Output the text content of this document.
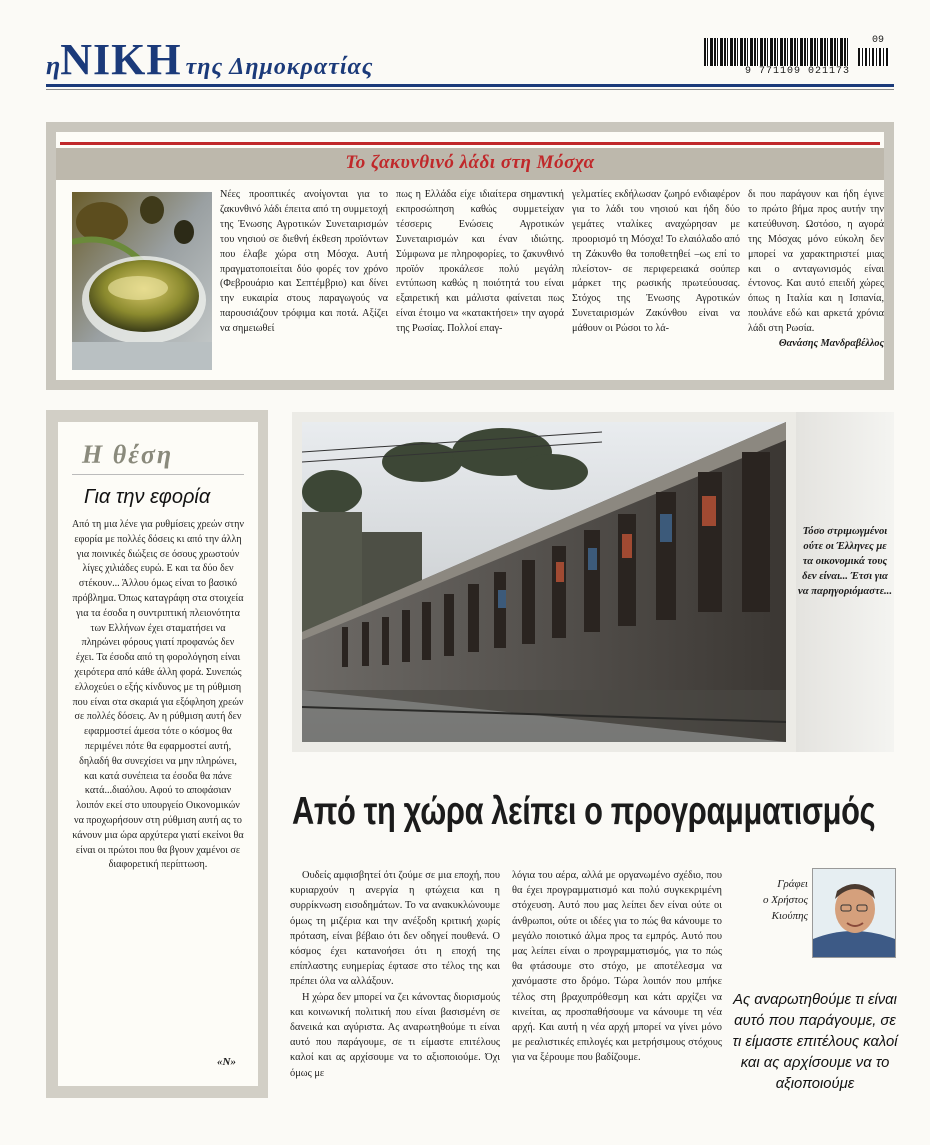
ηΝΙΚΗ της Δημοκρατίας	9 771109 021173
09
Το ζακυνθινό λάδι στη Μόσχα

Νέες προοπτικές ανοίγονται για το ζακυνθινό λάδι έπειτα από τη συμμετοχή της Ένωσης Αγροτικών Συνεταιρισμών του νησιού σε διεθνή έκθεση προϊόντων που έλαβε χώρα στη Μόσχα. Αυτή πραγματοποιείται δύο φορές τον χρόνο (Φεβρουάριο και Σεπτέμβριο) και δίνει την ευκαιρία στους παραγωγούς να παρουσιάζουν τρόφιμα και ποτά. Αξίζει να σημειωθεί

πως η Ελλάδα είχε ιδιαίτερα σημαντική εκπροσώπηση καθώς συμμετείχαν τέσσερις Ενώσεις Αγροτικών Συνεταιρισμών και έναν ιδιώτης. Σύμφωνα με πληροφορίες, το ζακυνθινό προϊόν προκάλεσε πολύ μεγάλη εντύπωση καθώς η ποιότητά του είναι εξαιρετική και μάλιστα φαίνεται πως είναι έτοιμο να «κατακτήσει» την αγορά της Ρωσίας. Πολλοί επαγ-

γελματίες εκδήλωσαν ζωηρό ενδιαφέρον για το λάδι του νησιού και ήδη δύο γεμάτες νταλίκες αναχώρησαν με προορισμό τη Μόσχα! Το ελαιόλαδο από τη Ζάκυνθο θα τοποθετηθεί –ως επί το πλείστον- σε περιφερειακά σούπερ μάρκετ της ρωσικής πρωτεύουσας. Στόχος της Ένωσης Αγροτικών Συνεταιρισμών Ζακύνθου είναι να μάθουν οι Ρώσοι το λά-

δι που παράγουν και ήδη έγινε το πρώτο βήμα προς αυτήν την κατεύθυνση. Ωστόσο, η αγορά της Μόσχας μόνο εύκολη δεν μπορεί να χαρακτηριστεί μιας και ο ανταγωνισμός είναι έντονος. Και αυτό επειδή χώρες όπως η Ιταλία και η Ισπανία, πουλάνε εδώ και αρκετά χρόνια λάδι στη Ρωσία.

Θανάσης Μανδραβέλλος

Η θέση
Για την εφορία
Από τη μια λένε για ρυθμίσεις χρεών στην εφορία με πολλές δόσεις κι από την άλλη για ποινικές διώξεις σε όσους χρωστούν λίγες χιλιάδες ευρώ. Ε και τα δύο δεν στέκουν... Άλλου όμως είναι το βασικό πρόβλημα. Όπως καταγράφη στα στοιχεία για τα έσοδα η συντριπτική πλειονότητα των Ελλήνων έχει σταματήσει να πληρώνει φόρους γιατί προφανώς δεν έχει. Τα έσοδα από τη φορολόγηση είναι χειρότερα από κάθε άλλη φορά. Συνεπώς ελλοχεύει ο εξής κίνδυνος με τη ρύθμιση που είναι στα σκαριά για εξόφληση χρεών σε πολλές δόσεις. Αν η ρύθμιση αυτή δεν εφαρμοστεί άμεσα τότε ο κόσμος θα περιμένει πότε θα εφαρμοστεί αυτή, δηλαδή θα συνεχίσει να μην πληρώνει, και κατά συνέπεια τα έσοδα θα πάνε κατά...διαόλου. Αφού το αποφάσιαν λοιπόν εκεί στο υπουργείο Οικονομικών να προχωρήσουν στη ρύθμιση αυτή ας το κάνουν μια ώρα αρχύτερα γιατί εκείνοι θα είναι οι πρώτοι που θα βγουν χαμένοι σε διαφορετική περίπτωση.
«Ν»
Τόσο στριμωγμένοι ούτε οι Έλληνες με τα οικονομικά τους δεν είναι... Έτσι για να παρηγοριόμαστε...
Από τη χώρα λείπει ο προγραμματισμός

Ουδείς αμφισβητεί ότι ζούμε σε μια εποχή, που κυριαρχούν η ανεργία η φτώχεια και η συρρίκνωση εισοδημάτων. Το να ανακυκλώνουμε όμως τη μιζέρια και την ανέξοδη κριτική χωρίς πρόταση, είναι βέβαιο ότι δεν οδηγεί πουθενά. Ο κόσμος έχει κατανοήσει ότι η εποχή της επίπλαστης ευημερίας έφτασε στο τέλος της και πρέπει όλα να αλλάξουν.

Η χώρα δεν μπορεί να ζει κάνοντας διορισμούς και κοινωνική πολιτική που είναι βασισμένη σε δανεικά και αγύριστα. Ας αναρωτηθούμε τι είναι αυτό που παράγουμε, σε τι είμαστε επιτέλους καλοί και ας αρχίσουμε να το αξιοποιούμε. Όχι όμως με

λόγια του αέρα, αλλά με οργανωμένο σχέδιο, που θα έχει προγραμματισμό και πολύ συγκεκριμένη στόχευση. Αυτό που μας λείπει δεν είναι ούτε οι άνθρωποι, ούτε οι ιδέες για το πώς θα κάνουμε το μεγάλο ποιοτικό άλμα προς τα εμπρός. Αυτό που μας λείπει είναι ο προγραμματισμός, για το πώς θα φτάσουμε στο στόχο, με αποτέλεσμα να χανόμαστε στο δρόμο. Τώρα λοιπόν που μπήκε τέλος στη βραχυπρόθεσμη και κάτι αρχίζει να κινείται, ας προσπαθήσουμε να κάνουμε τη νέα αρχή. Και αυτή η νέα αρχή μπορεί να γίνει μόνο με ρεαλιστικές επιλογές και μετρήσιμους στόχους για να ξέρουμε που βαδίζουμε.

Γράφει
ο Χρήστος Κιούπης
Ας αναρωτηθούμε τι είναι αυτό που παράγουμε, σε τι είμαστε επιτέλους καλοί και ας αρχίσουμε να το αξιοποιούμε
